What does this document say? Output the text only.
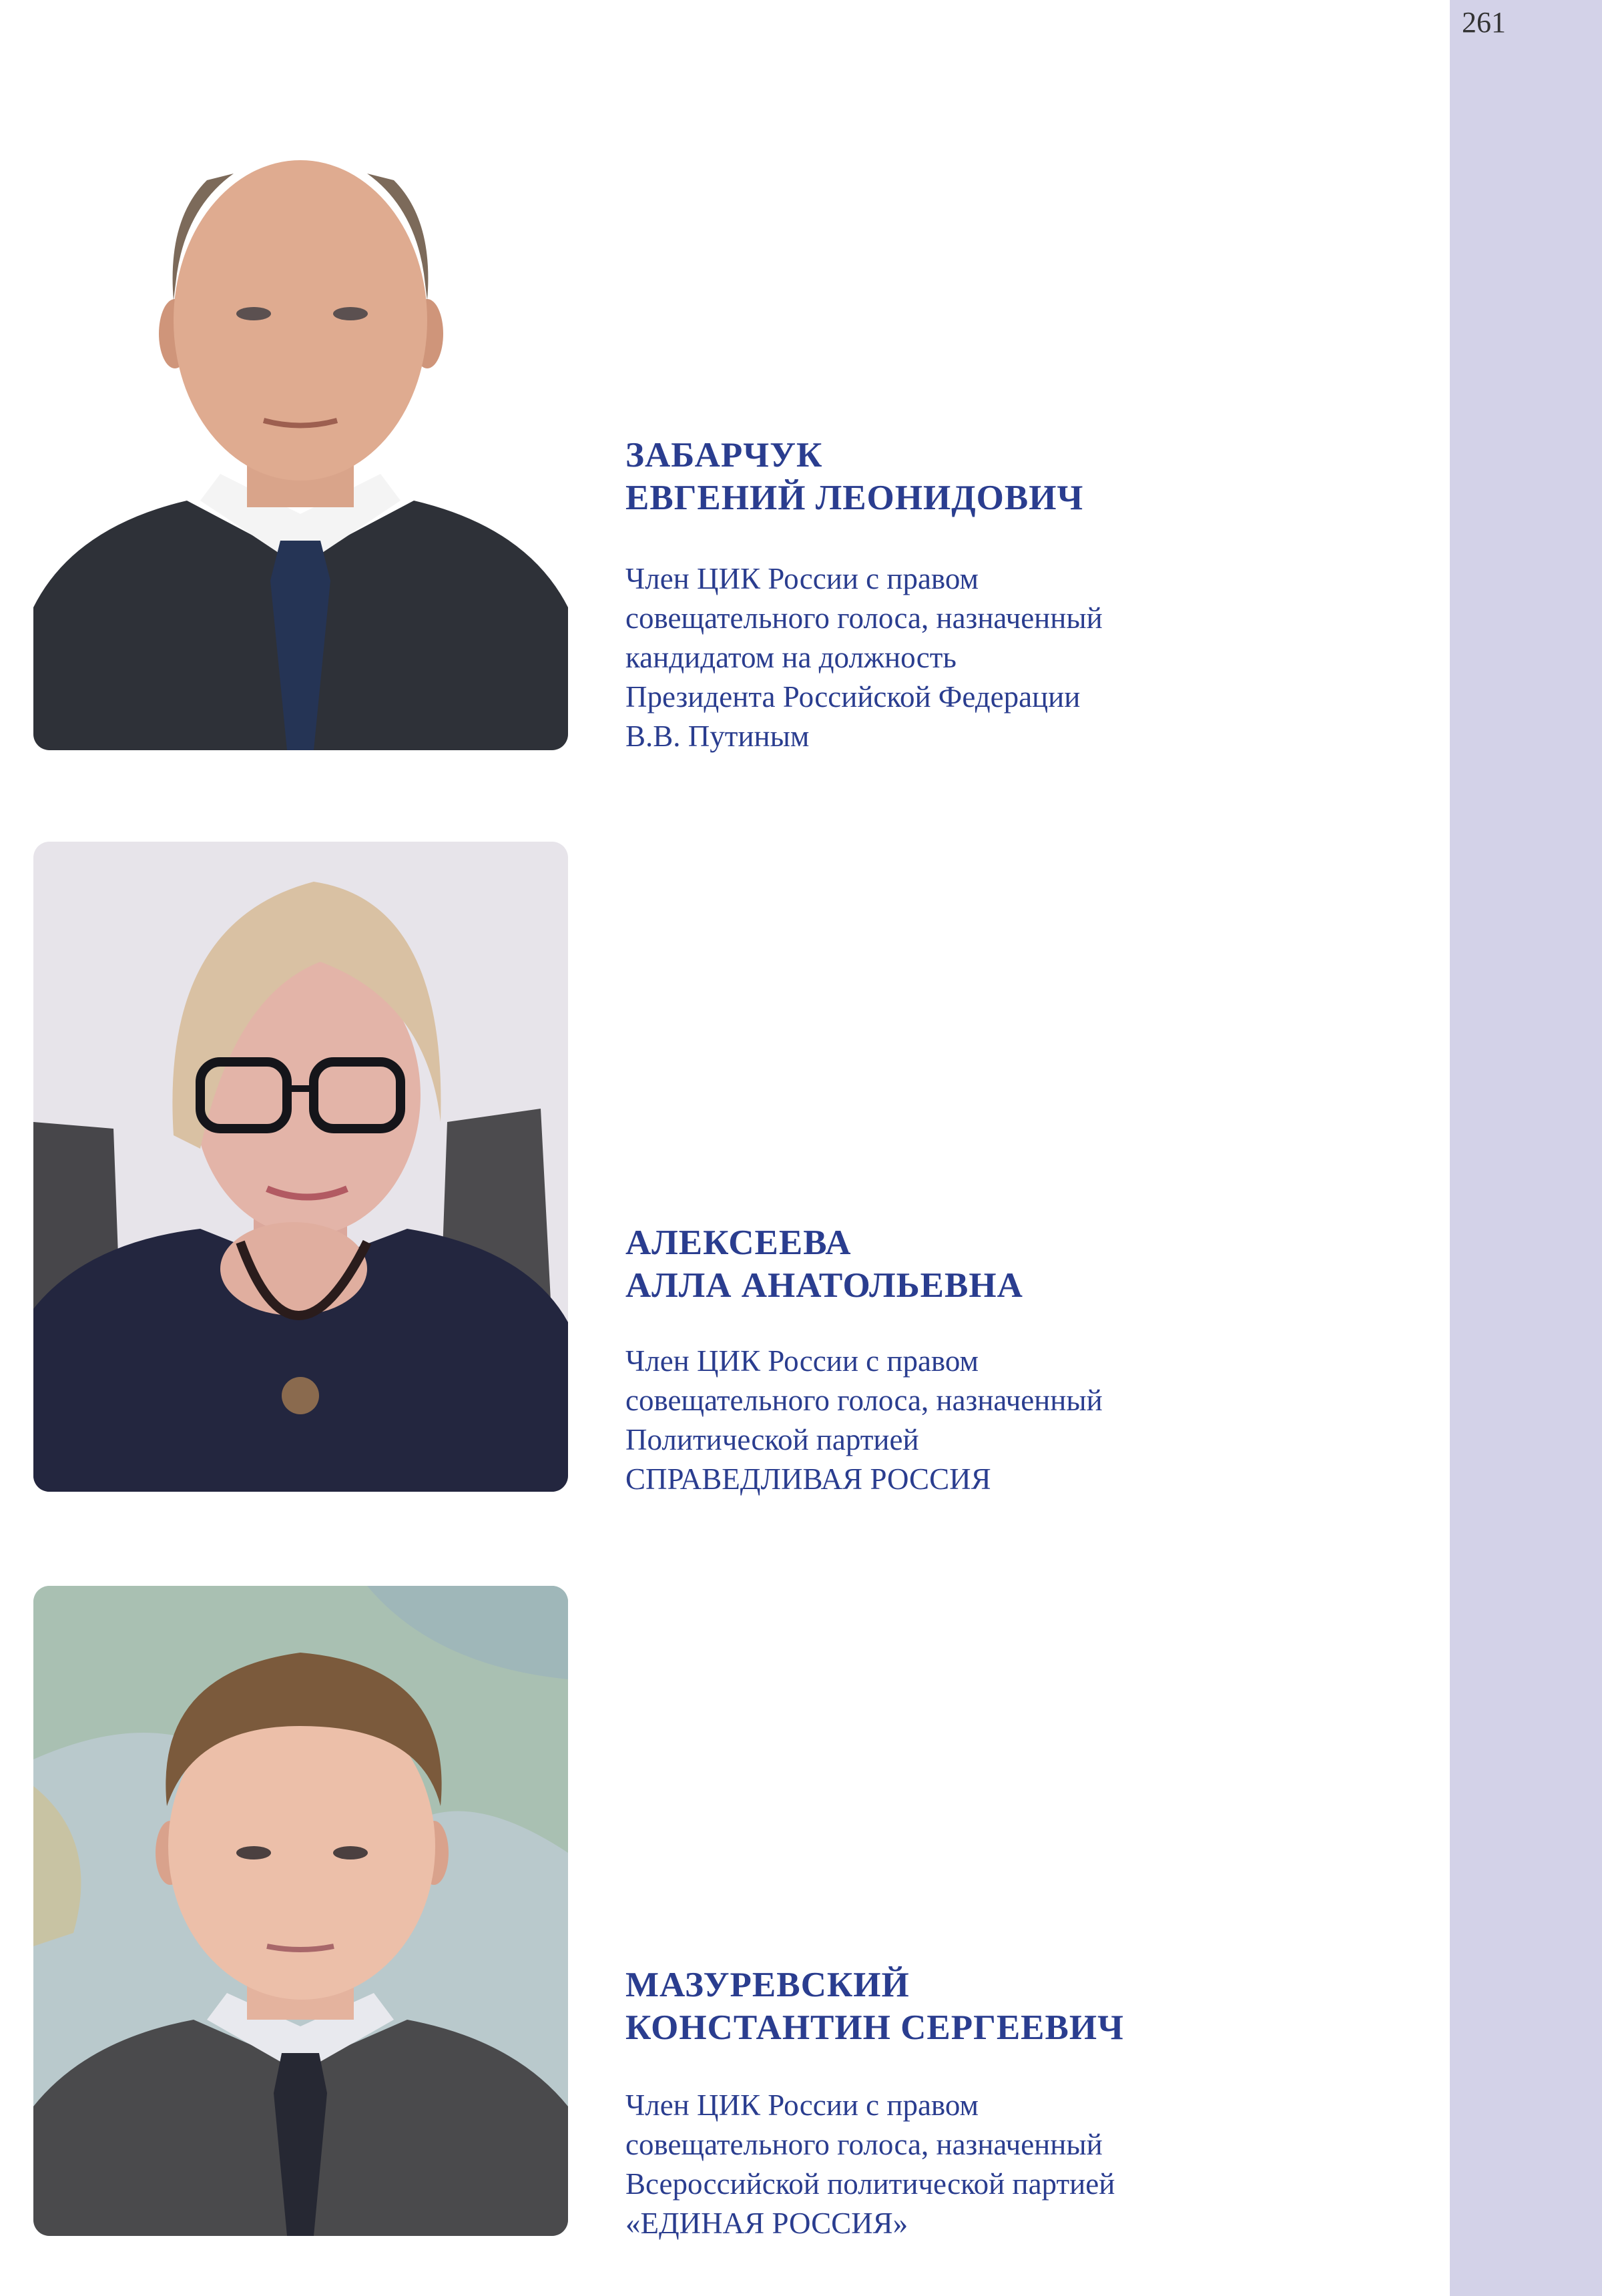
261
ЗАБАРЧУК
ЕВГЕНИЙ ЛЕОНИДОВИЧ
Член ЦИК России с правом
совещательного голоса, назначенный
кандидатом на должность
Президента Российской Федерации
В.В. Путиным
АЛЕКСЕЕВА
АЛЛА АНАТОЛЬЕВНА
Член ЦИК России с правом
совещательного голоса, назначенный
Политической партией
СПРАВЕДЛИВАЯ РОССИЯ
МАЗУРЕВСКИЙ
КОНСТАНТИН СЕРГЕЕВИЧ
Член ЦИК России с правом
совещательного голоса, назначенный
Всероссийской политической партией
«ЕДИНАЯ РОССИЯ»
